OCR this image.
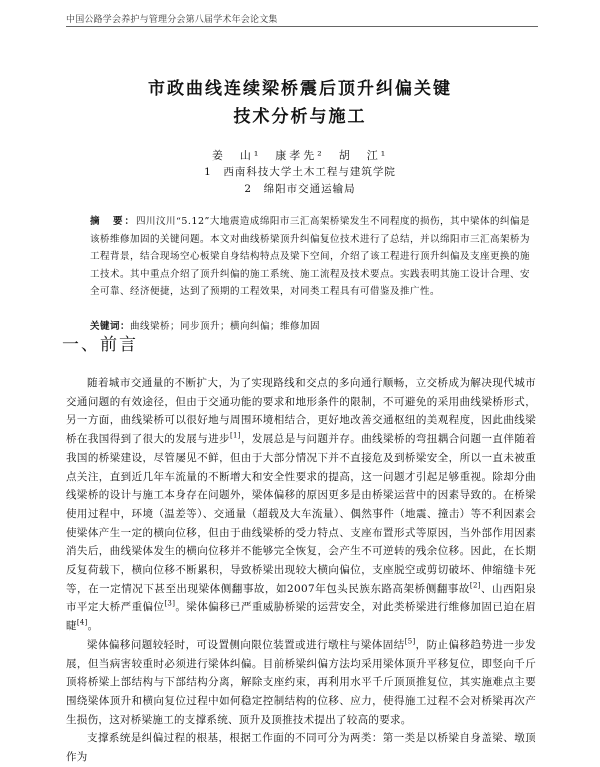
中国公路学会养护与管理分会第八届学术年会论文集
市政曲线连续梁桥震后顶升纠偏关键
技术分析与施工
姜　山¹　康孝先²　胡　江¹
1　西南科技大学土木工程与建筑学院
2　绵阳市交通运输局
摘　要：四川汶川“5.12”大地震造成绵阳市三汇高架桥梁发生不同程度的损伤，其中梁体的纠偏是该桥维修加固的关键问题。本文对曲线桥梁顶升纠偏复位技术进行了总结，并以绵阳市三汇高架桥为工程背景，结合现场空心板梁自身结构特点及梁下空间，介绍了该工程进行顶升纠偏及支座更换的施工技术。其中重点介绍了顶升纠偏的施工系统、施工流程及技术要点。实践表明其施工设计合理、安全可靠、经济便捷，达到了预期的工程效果，对同类工程具有可借鉴及推广性。
关键词：曲线梁桥；同步顶升；横向纠偏；维修加固
一、前言

随着城市交通量的不断扩大，为了实现路线和交点的多向通行顺畅，立交桥成为解决现代城市交通问题的有效途径，但由于交通功能的要求和地形条件的限制，不可避免的采用曲线梁桥形式，另一方面，曲线梁桥可以很好地与周围环境相结合，更好地改善交通枢纽的美观程度，因此曲线梁桥在我国得到了很大的发展与进步[1]，发展总是与问题并存。曲线梁桥的弯扭耦合问题一直伴随着我国的桥梁建设，尽管屡见不鲜，但由于大部分情况下并不直接危及到桥梁安全，所以一直未被重点关注，直到近几年车流量的不断增大和安全性要求的提高，这一问题才引起足够重视。除却分曲线梁桥的设计与施工本身存在问题外，梁体偏移的原因更多是由桥梁运营中的因素导致的。在桥梁使用过程中，环境（温差等）、交通量（超载及大车流量）、偶然事件（地震、撞击）等不利因素会使梁体产生一定的横向位移，但由于曲线梁桥的受力特点、支座布置形式等原因，当外部作用因素消失后，曲线梁体发生的横向位移并不能够完全恢复，会产生不可逆转的残余位移。因此，在长期反复荷载下，横向位移不断累积，导致桥梁出现较大横向偏位，支座脱空或剪切破坏、伸缩缝卡死等，在一定情况下甚至出现梁体侧翻事故，如2007年包头民族东路高架桥侧翻事故[2]、山西阳泉市平定大桥严重偏位[3]。梁体偏移已严重威胁桥梁的运营安全，对此类桥梁进行维修加固已迫在眉睫[4]。

梁体偏移问题较轻时，可设置侧向限位装置或进行墩柱与梁体固结[5]，防止偏移趋势进一步发展，但当病害较重时必须进行梁体纠偏。目前桥梁纠偏方法均采用梁体顶升平移复位，即竖向千斤顶将桥梁上部结构与下部结构分离，解除支座约束，再利用水平千斤顶顶推复位，其实施难点主要围绕梁体顶升和横向复位过程中如何稳定控制结构的位移、应力，使得施工过程不会对桥梁再次产生损伤，这对桥梁施工的支撑系统、顶升及顶推技术提出了较高的要求。

支撑系统是纠偏过程的根基，根据工作面的不同可分为两类：第一类是以桥梁自身盖梁、墩顶作为
